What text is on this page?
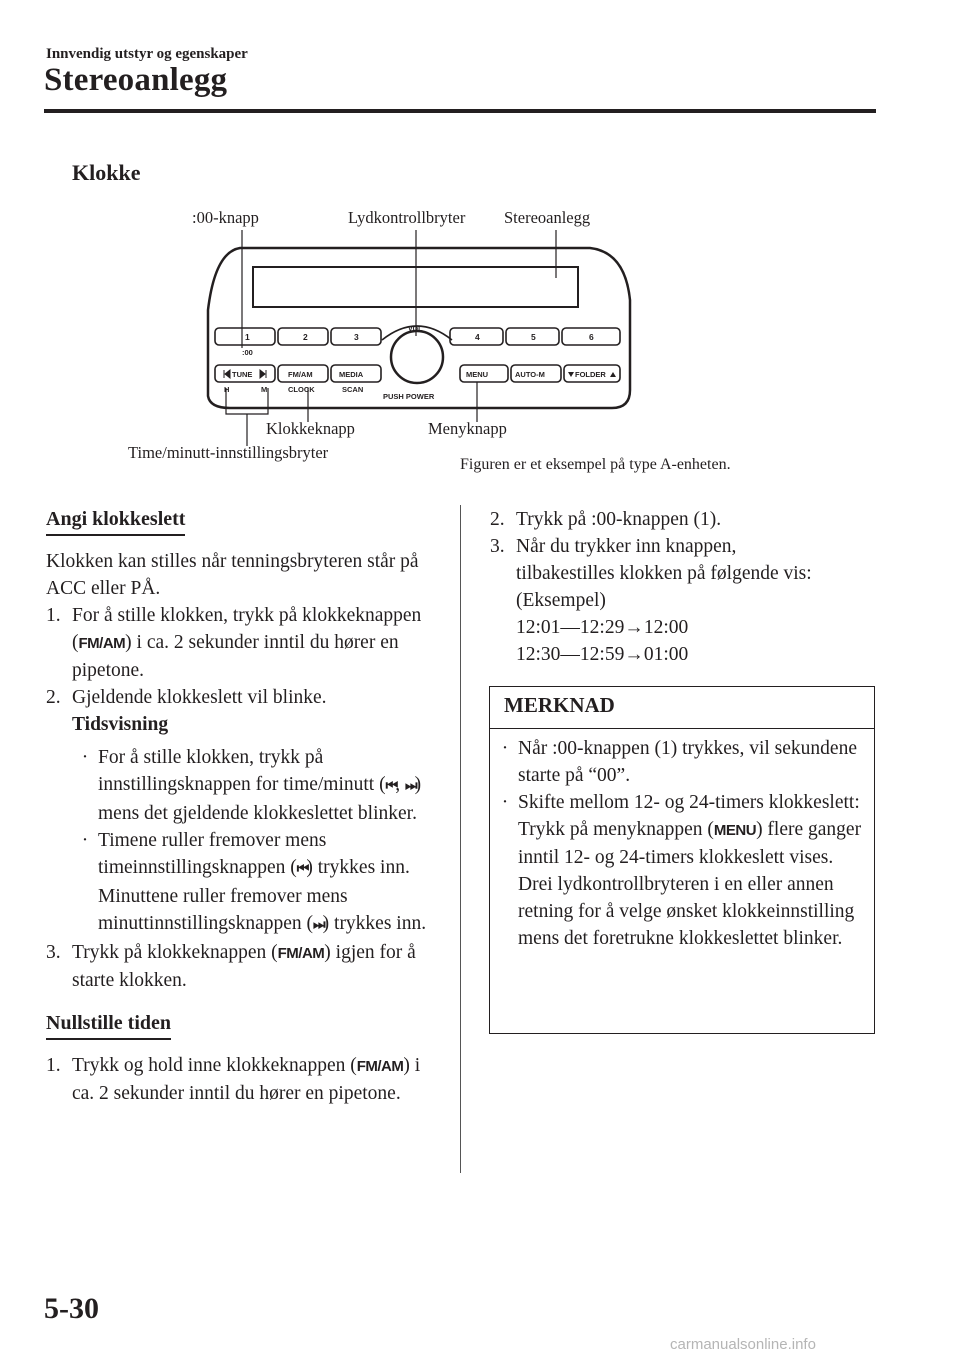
Innvendig utstyr og egenskaper
Stereoanlegg
Klokke
1	2	3	4	5	6
:00
VOL
TUNE	FM/AM	MEDIA
H	M	CLOCK	SCAN
PUSH POWER
MENU	AUTO-M	FOLDER
:00-knapp	Lydkontrollbryter Stereoanlegg
Klokkeknapp	Menyknapp
Time/minutt-innstillingsbryter
Figuren er et eksempel på type A-enheten.
Angi klokkeslett

Klokken kan stilles når tenningsbryteren står på ACC eller PÅ.

1. For å stille klokken, trykk på klokkeknappen (FM/AM) i ca. 2 sekunder inntil du hører en pipetone.
2. Gjeldende klokkeslett vil blinke.
Tidsvisning
· For å stille klokken, trykk på innstillingsknappen for time/minutt (⏮, ⏭) mens det gjeldende klokkeslettet blinker.
· Timene ruller fremover mens timeinnstillingsknappen (⏮) trykkes inn. Minuttene ruller fremover mens minuttinnstillingsknappen (⏭) trykkes inn.
3. Trykk på klokkeknappen (FM/AM) igjen for å starte klokken.
Nullstille tiden
1. Trykk og hold inne klokkeknappen (FM/AM) i ca. 2 sekunder inntil du hører en pipetone.
2. Trykk på :00-knappen (1).
3. Når du trykker inn knappen,
tilbakestilles klokken på følgende vis:
(Eksempel)
12:01―12:29→12:00
12:30―12:59→01:00
MERKNAD
· Når :00-knappen (1) trykkes, vil sekundene starte på “00”.
· Skifte mellom 12- og 24-timers klokkeslett:
Trykk på menyknappen (MENU) flere ganger inntil 12- og 24-timers klokkeslett vises. Drei lydkontrollbryteren i en eller annen retning for å velge ønsket klokkeinnstilling mens det foretrukne klokkeslettet blinker.
5-30
carmanualsonline.info
